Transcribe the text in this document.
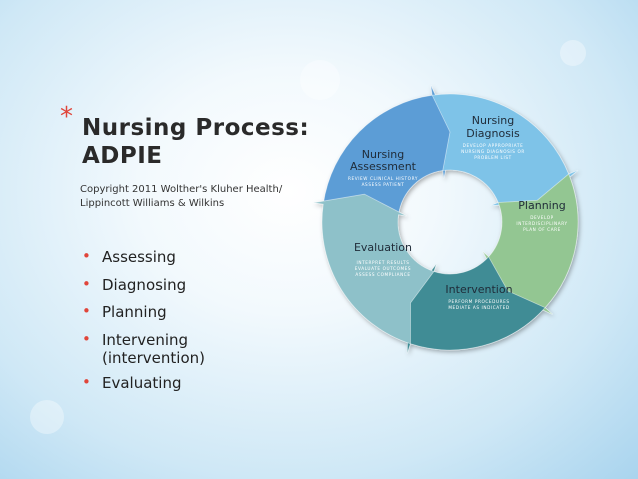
* Nursing Process:
ADPIE
Copyright 2011 Wolther's Kluher Health/
Lippincott Williams & Wilkins
• Assessing
• Diagnosing
• Planning
• Intervening
(intervention)
• Evaluating
Nursing
Assessment
REVIEW CLINICAL HISTORY
ASSESS PATIENT
Nursing
Diagnosis
DEVELOP APPROPRIATE
NURSING DIAGNOSIS OR
PROBLEM LIST
Planning
DEVELOP
INTERDISCIPLINARY
PLAN OF CARE
Intervention
PERFORM PROCEDURES
MEDIATE AS INDICATED
Evaluation
INTERPRET RESULTS
EVALUATE OUTCOMES
ASSESS COMPLIANCE
